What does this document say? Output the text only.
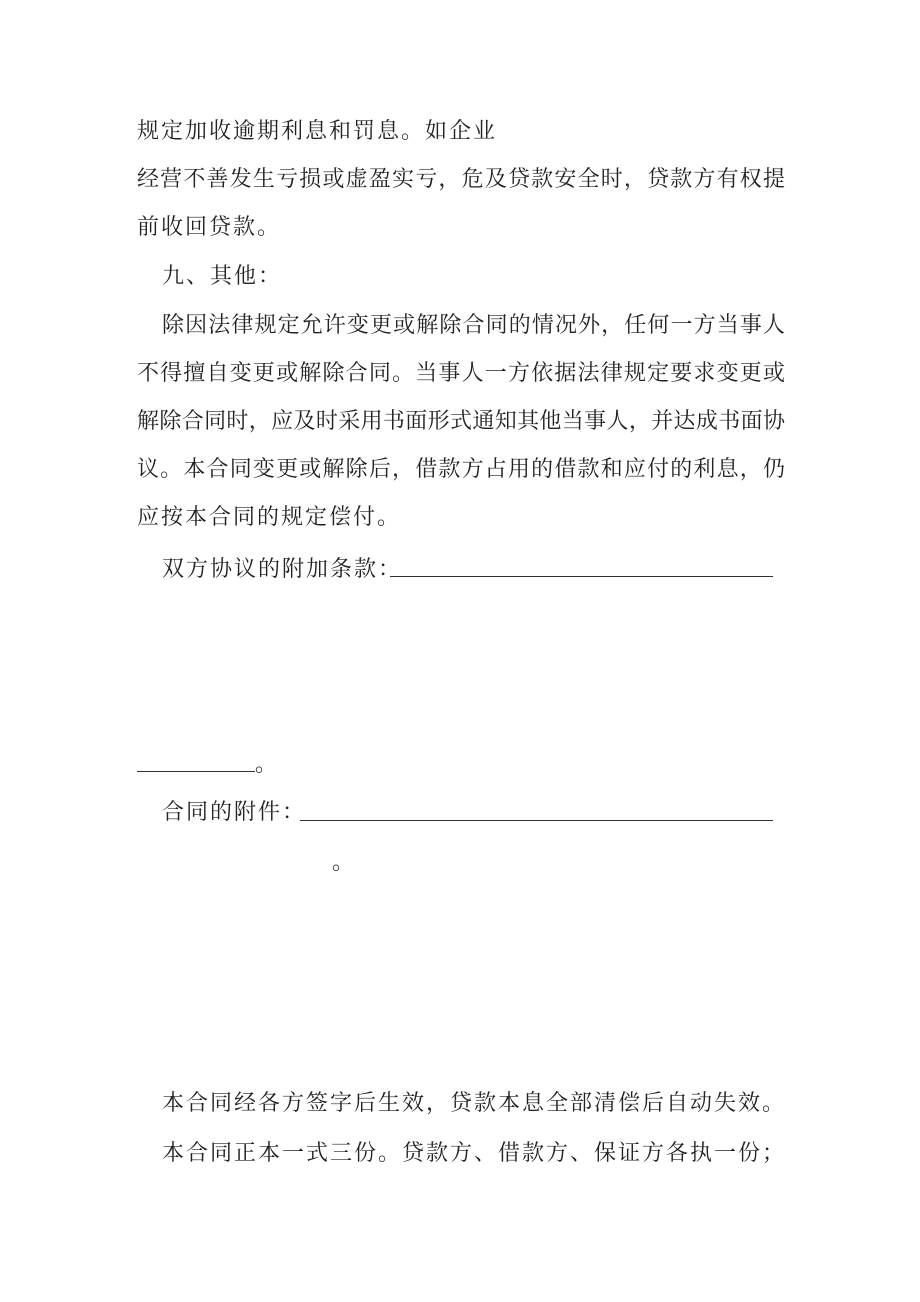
规定加收逾期利息和罚息。如企业
经营不善发生亏损或虚盈实亏，危及贷款安全时，贷款方有权提
前收回贷款。
九、其他：
除因法律规定允许变更或解除合同的情况外，任何一方当事人
不得擅自变更或解除合同。当事人一方依据法律规定要求变更或
解除合同时，应及时采用书面形式通知其他当事人，并达成书面协
议。本合同变更或解除后，借款方占用的借款和应付的利息，仍
应按本合同的规定偿付。
双方协议的附加条款：
。
合同的附件：
。
本合同经各方签字后生效，贷款本息全部清偿后自动失效。
本合同正本一式三份。贷款方、借款方、保证方各执一份；
